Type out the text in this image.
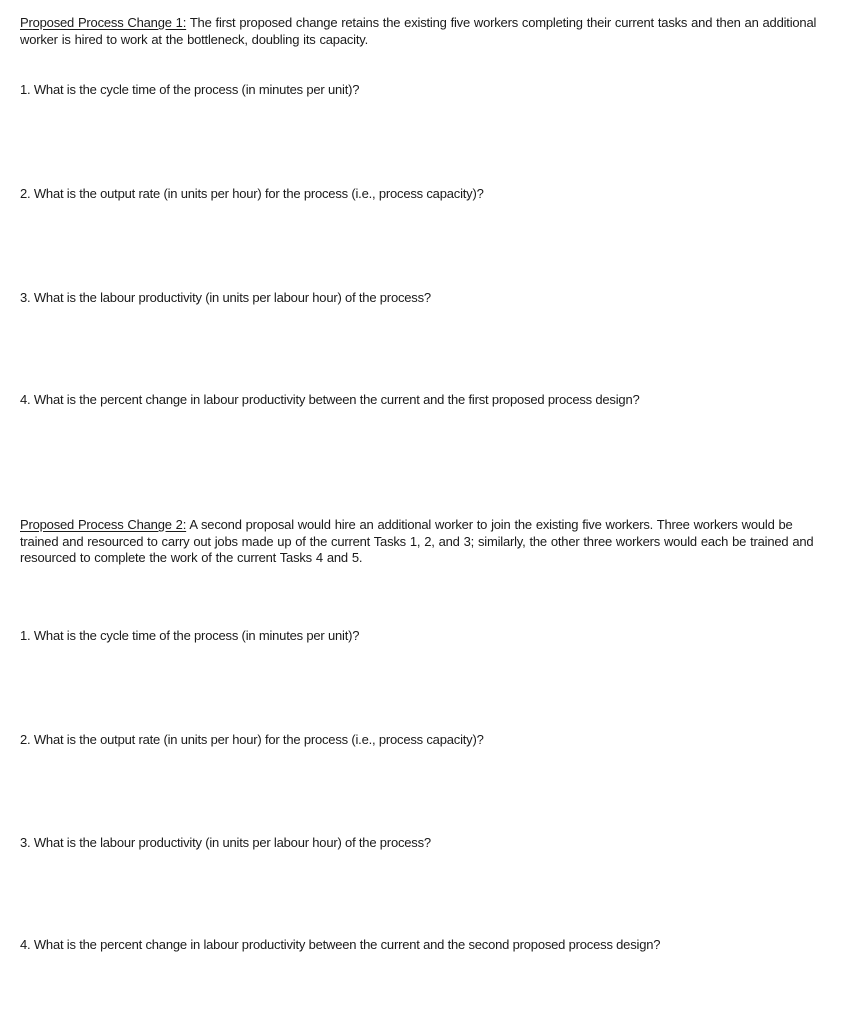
Proposed Process Change 1: The first proposed change retains the existing five workers completing their current tasks and then an additional worker is hired to work at the bottleneck, doubling its capacity.

1. What is the cycle time of the process (in minutes per unit)?

2. What is the output rate (in units per hour) for the process (i.e., process capacity)?

3. What is the labour productivity (in units per labour hour) of the process?

4. What is the percent change in labour productivity between the current and the first proposed process design?

Proposed Process Change 2: A second proposal would hire an additional worker to join the existing five workers. Three workers would be trained and resourced to carry out jobs made up of the current Tasks 1, 2, and 3; similarly, the other three workers would each be trained and resourced to complete the work of the current Tasks 4 and 5.

1. What is the cycle time of the process (in minutes per unit)?

2. What is the output rate (in units per hour) for the process (i.e., process capacity)?

3. What is the labour productivity (in units per labour hour) of the process?

4. What is the percent change in labour productivity between the current and the second proposed process design?
